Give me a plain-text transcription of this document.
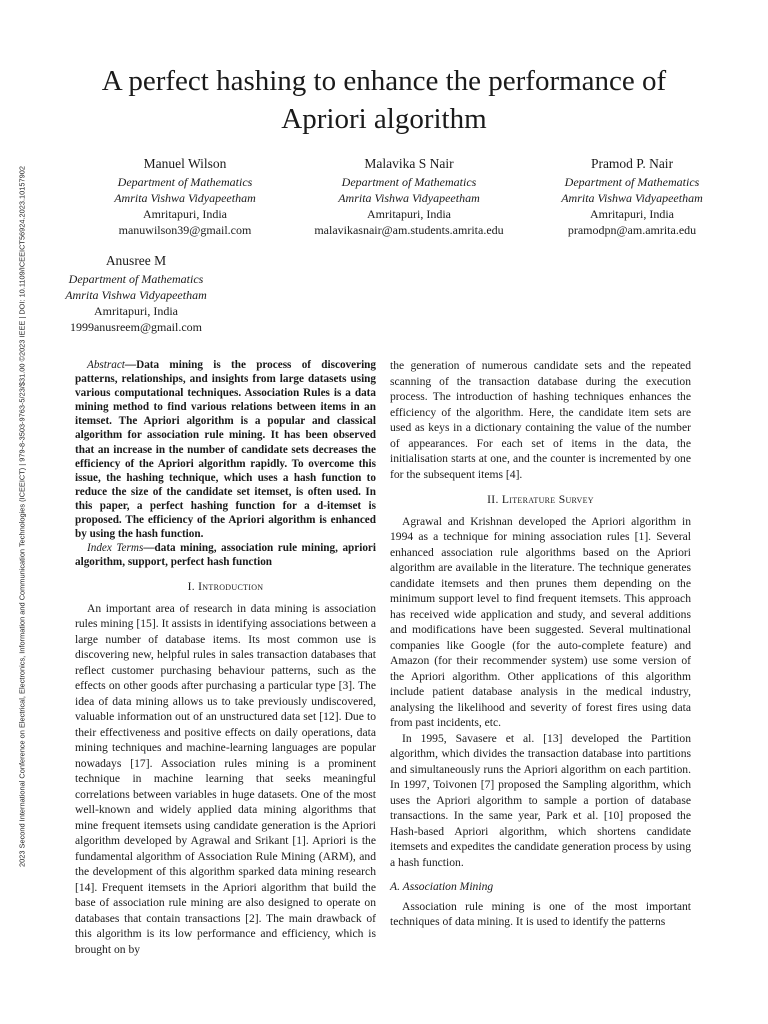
2023 Second International Conference on Electrical, Electronics, Information and Communication Technologies (ICEEICT) | 979-8-3503-9763-5/23/$31.00 ©2023 IEEE | DOI: 10.1109/ICEEICT56924.2023.10157902
A perfect hashing to enhance the performance of
Apriori algorithm
Manuel Wilson
Department of Mathematics
Amrita Vishwa Vidyapeetham
Amritapuri, India
manuwilson39@gmail.com
Malavika S Nair
Department of Mathematics
Amrita Vishwa Vidyapeetham
Amritapuri, India
malavikasnair@am.students.amrita.edu
Pramod P. Nair
Department of Mathematics
Amrita Vishwa Vidyapeetham
Amritapuri, India
pramodpn@am.amrita.edu
Anusree M
Department of Mathematics
Amrita Vishwa Vidyapeetham
Amritapuri, India
1999anusreem@gmail.com

Abstract—Data mining is the process of discovering patterns, relationships, and insights from large datasets using various computational techniques. Association Rules is a data mining method to find various relations between items in an itemset. The Apriori algorithm is a popular and classical algorithm for association rule mining. It has been observed that an increase in the number of candidate sets decreases the efficiency of the Apriori algorithm rapidly. To overcome this issue, the hashing technique, which uses a hash function to reduce the size of the candidate set itemset, is often used. In this paper, a perfect hashing function for a d-itemset is proposed. The efficiency of the Apriori algorithm is enhanced by using the hash function.

Index Terms—data mining, association rule mining, apriori algorithm, support, perfect hash function

I. Introduction

An important area of research in data mining is association rules mining [15]. It assists in identifying associations between a large number of database items. Its most common use is discovering new, helpful rules in sales transaction databases that reflect customer purchasing behaviour patterns, such as the effects on other goods after purchasing a particular type [3]. The idea of data mining allows us to take previously undiscovered, valuable information out of an unstructured data set [12]. Due to their effectiveness and positive effects on daily operations, data mining techniques and machine-learning languages are popular nowadays [17]. Association rules mining is a prominent technique in machine learning that seeks meaningful correlations between variables in huge datasets. One of the most well-known and widely applied data mining algorithms that mine frequent itemsets using candidate generation is the Apriori algorithm developed by Agrawal and Srikant [1]. Apriori is the fundamental algorithm of Association Rule Mining (ARM), and the development of this algorithm sparked data mining research [14]. Frequent itemsets in the Apriori algorithm that build the base of association rule mining are also designed to operate on databases that contain transactions [2]. The main drawback of this algorithm is its low performance and efficiency, which is brought on by

the generation of numerous candidate sets and the repeated scanning of the transaction database during the execution process. The introduction of hashing techniques enhances the efficiency of the algorithm. Here, the candidate item sets are used as keys in a dictionary containing the value of the number of appearances. For each set of items in the data, the initialisation starts at one, and the counter is incremented by one for the subsequent items [4].

II. Literature Survey

Agrawal and Krishnan developed the Apriori algorithm in 1994 as a technique for mining association rules [1]. Several enhanced association rule algorithms based on the Apriori algorithm are available in the literature. The technique generates candidate itemsets and then prunes them depending on the minimum support level to find frequent itemsets. This approach has received wide application and study, and several additions and modifications have been suggested. Several multinational companies like Google (for the auto-complete feature) and Amazon (for their recommender system) use some version of the Apriori algorithm. Other applications of this algorithm include patient database analysis in the medical industry, analysing the likelihood and severity of forest fires using data from past incidents, etc.

In 1995, Savasere et al. [13] developed the Partition algorithm, which divides the transaction database into partitions and simultaneously runs the Apriori algorithm on each partition. In 1997, Toivonen [7] proposed the Sampling algorithm, which uses the Apriori algorithm to sample a portion of database transactions. In the same year, Park et al. [10] proposed the Hash-based Apriori algorithm, which shortens candidate itemsets and expedites the candidate generation process by using a hash function.

A. Association Mining

Association rule mining is one of the most important techniques of data mining. It is used to identify the patterns
